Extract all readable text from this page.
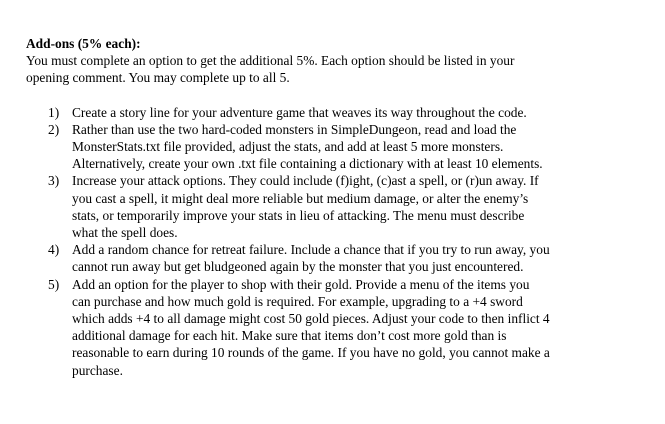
Add-ons (5% each):

You must complete an option to get the additional 5%. Each option should be listed in your
opening comment. You may complete up to all 5.

1) Create a story line for your adventure game that weaves its way throughout the code.
2) Rather than use the two hard-coded monsters in SimpleDungeon, read and load the
MonsterStats.txt file provided, adjust the stats, and add at least 5 more monsters.
Alternatively, create your own .txt file containing a dictionary with at least 10 elements.
3) Increase your attack options. They could include (f)ight, (c)ast a spell, or (r)un away. If
you cast a spell, it might deal more reliable but medium damage, or alter the enemy’s
stats, or temporarily improve your stats in lieu of attacking. The menu must describe
what the spell does.
4) Add a random chance for retreat failure. Include a chance that if you try to run away, you
cannot run away but get bludgeoned again by the monster that you just encountered.
5) Add an option for the player to shop with their gold. Provide a menu of the items you
can purchase and how much gold is required. For example, upgrading to a +4 sword
which adds +4 to all damage might cost 50 gold pieces. Adjust your code to then inflict 4
additional damage for each hit. Make sure that items don’t cost more gold than is
reasonable to earn during 10 rounds of the game. If you have no gold, you cannot make a
purchase.
